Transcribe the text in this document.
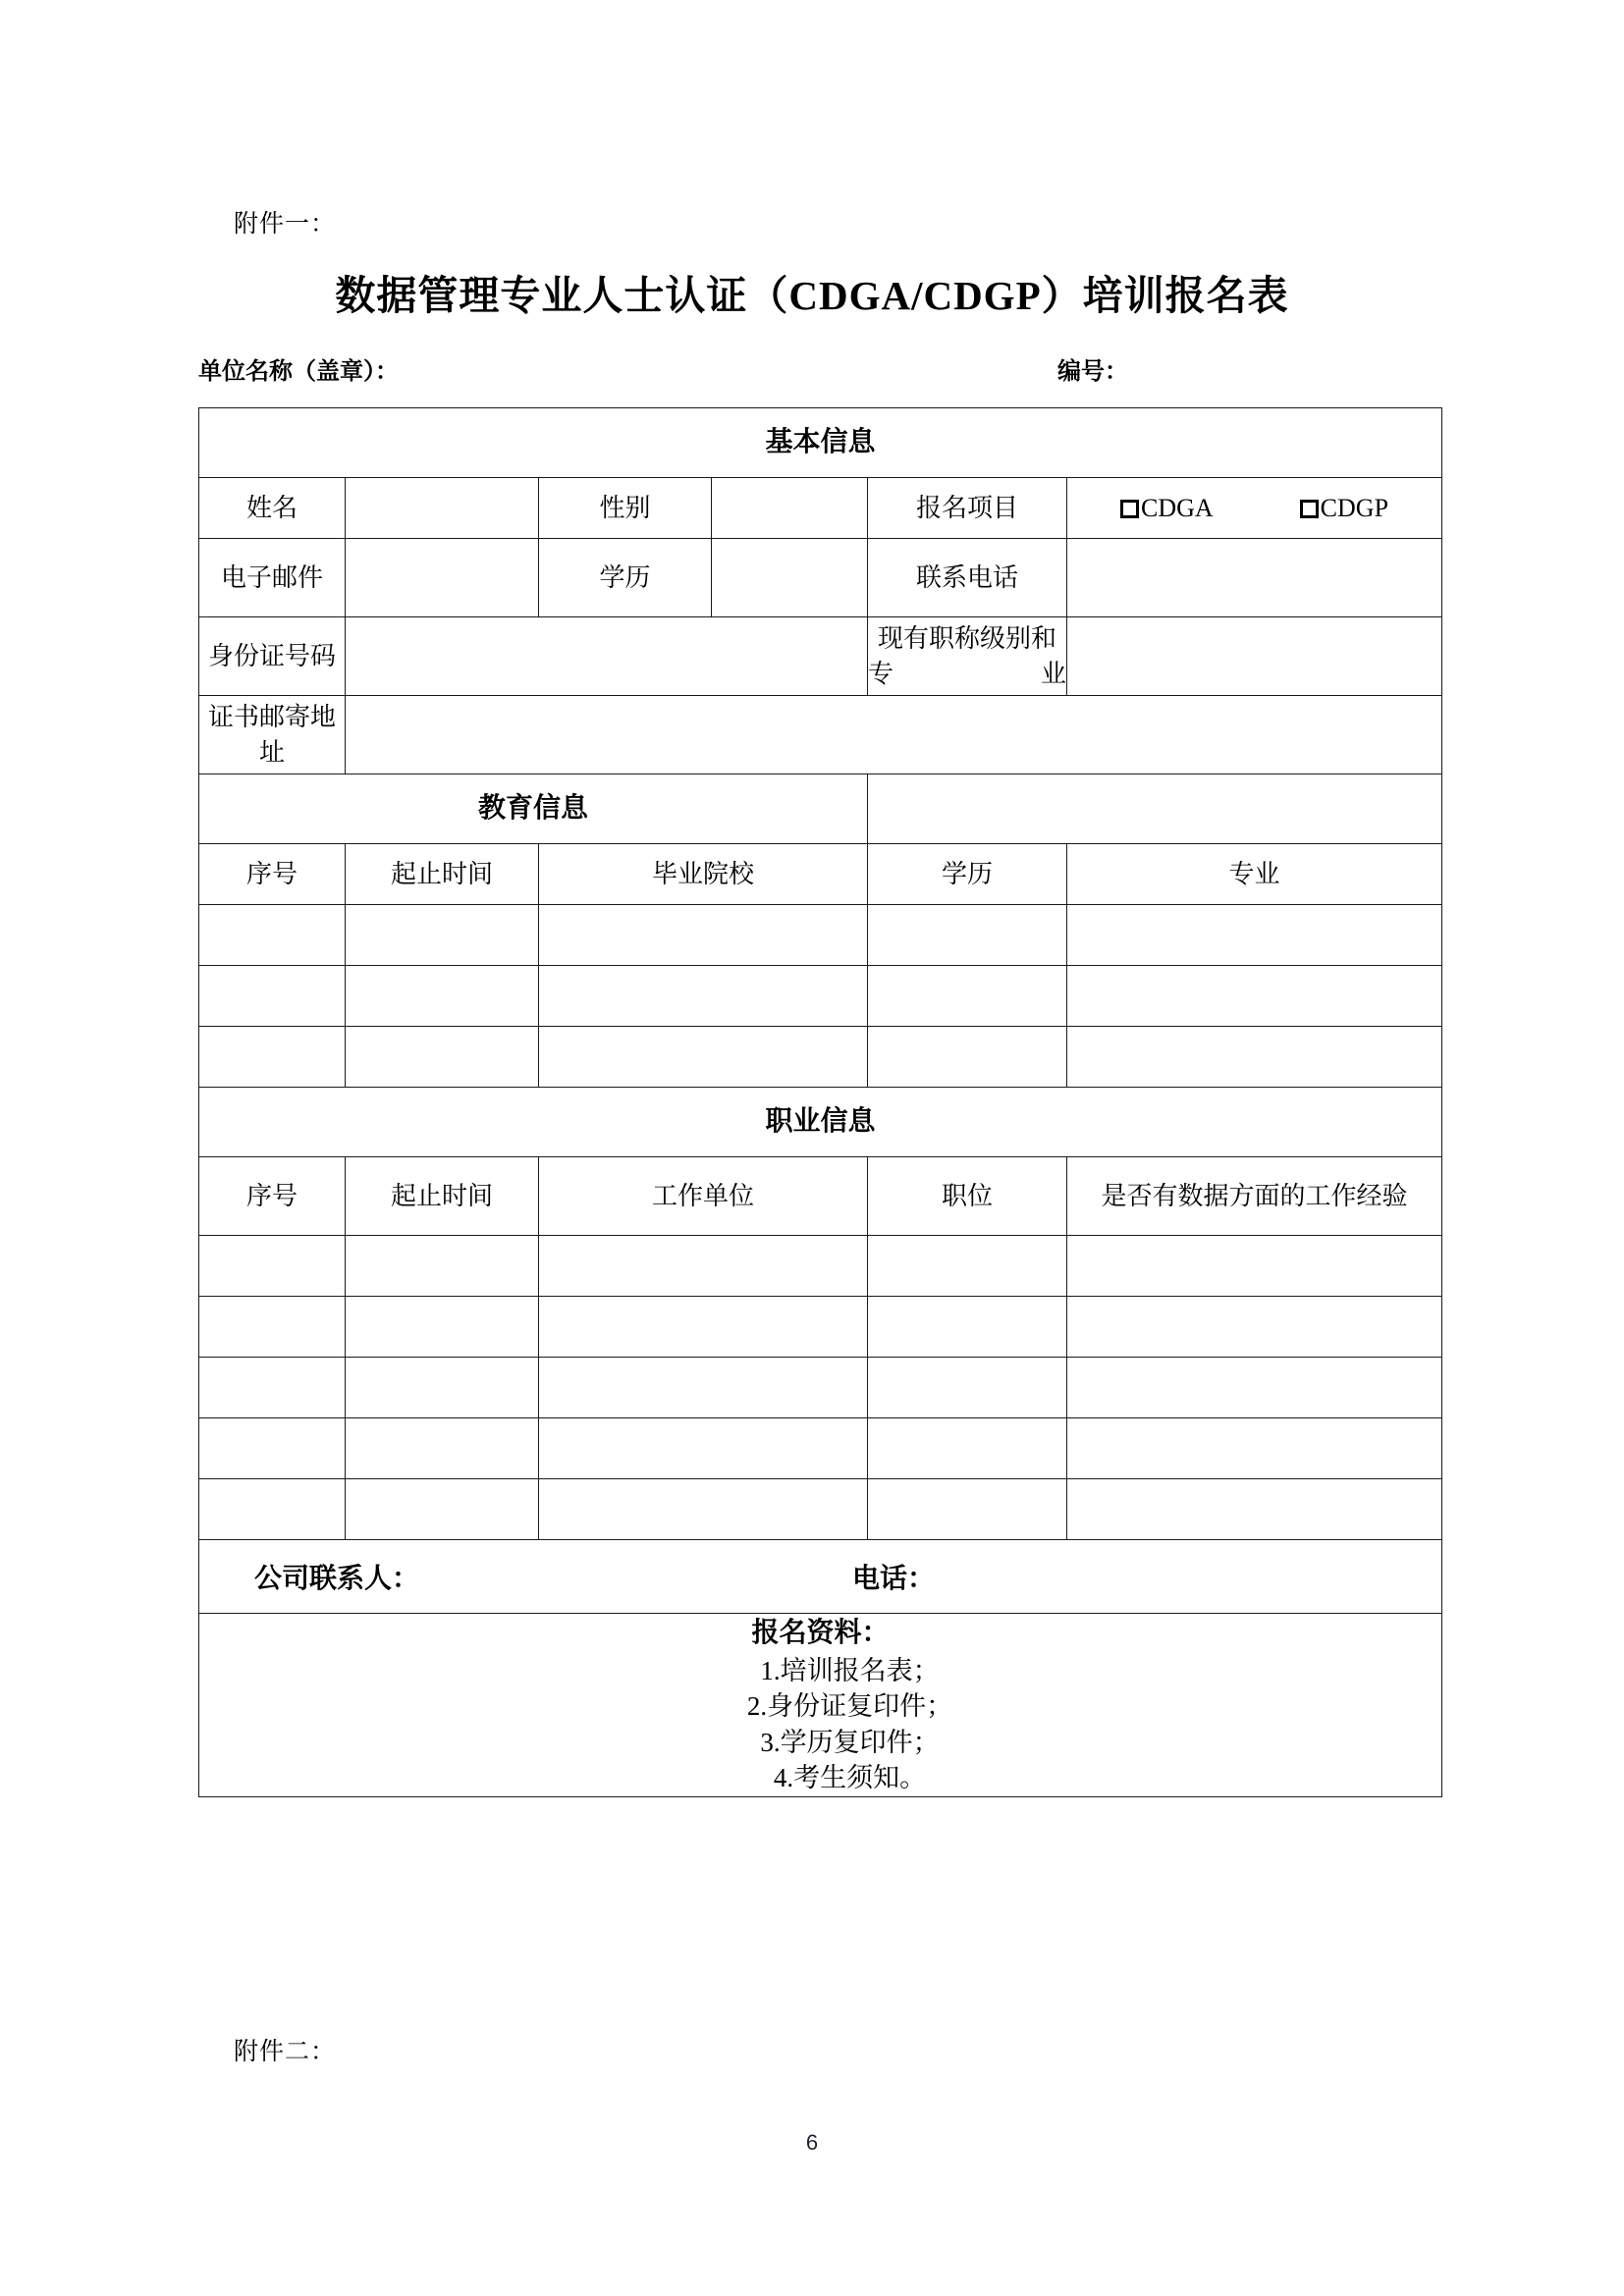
附件一：
数据管理专业人士认证（CDGA/CDGP）培训报名表
单位名称（盖章）：	编号：
基本信息					
姓名		性别		报名项目	CDGA CDGP

电子邮件		学历		联系电话	
身份证号码				现有职称级别和专业	
证书邮寄地址					
教育信息					
序号	起止时间	毕业院校		学历	专业

职业信息					
序号	起止时间	工作单位		职位	是否有数据方面的工作经验

公司联系人： 电话：					

报名资料：
1.培训报名表；
2.身份证复印件；
3.学历复印件；
4.考生须知。
附件二：
6
